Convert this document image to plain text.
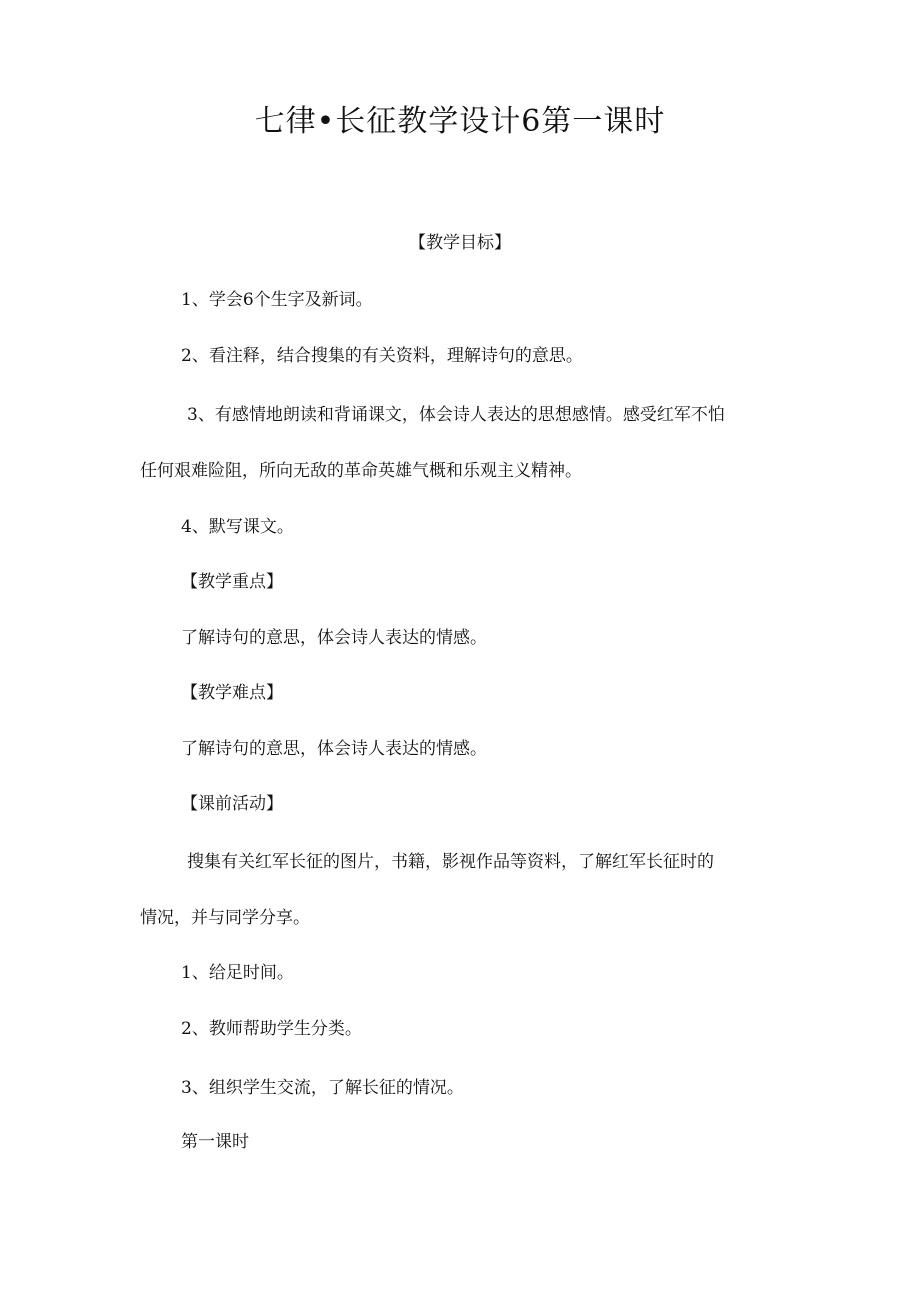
七律•长征教学设计6第一课时
【教学目标】
1、学会6个生字及新词。
2、看注释，结合搜集的有关资料，理解诗句的意思。
3、有感情地朗读和背诵课文，体会诗人表达的思想感情。感受红军不怕
任何艰难险阻，所向无敌的革命英雄气概和乐观主义精神。
4、默写课文。
【教学重点】
了解诗句的意思，体会诗人表达的情感。
【教学难点】
了解诗句的意思，体会诗人表达的情感。
【课前活动】
搜集有关红军长征的图片，书籍，影视作品等资料，了解红军长征时的
情况，并与同学分享。
1、给足时间。
2、教师帮助学生分类。
3、组织学生交流，了解长征的情况。
第一课时
